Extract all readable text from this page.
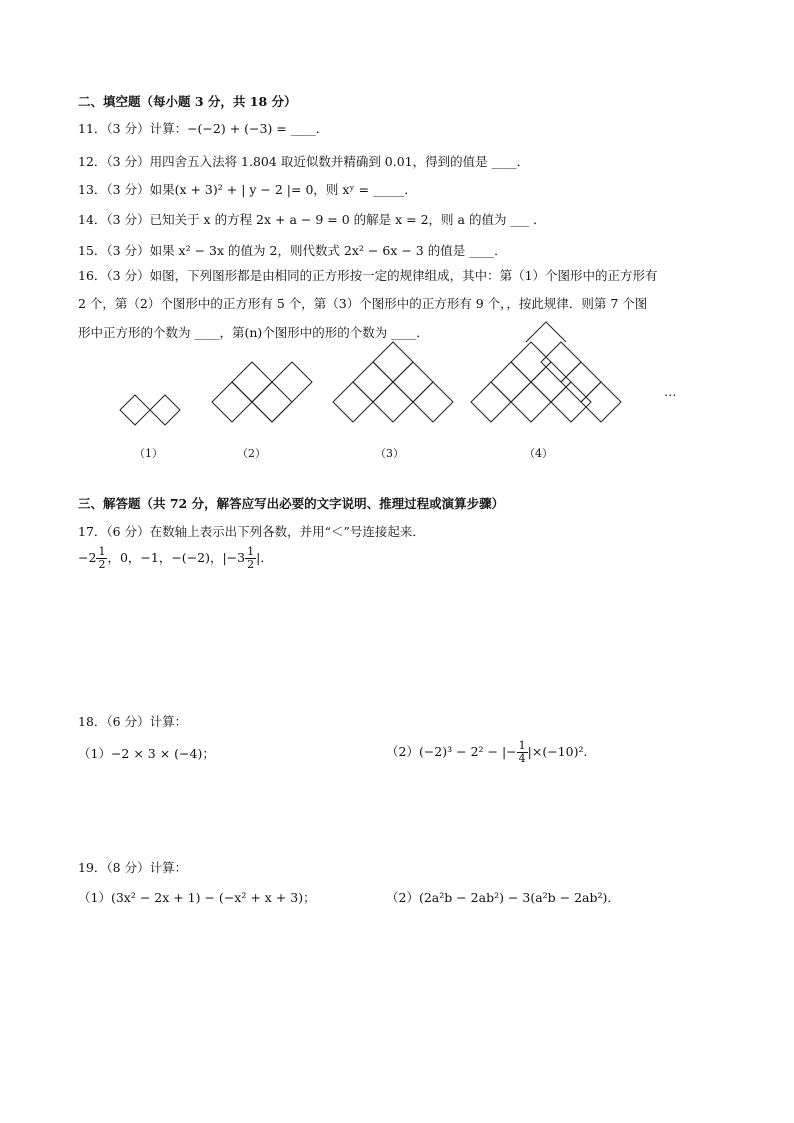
二、填空题（每小题 3 分，共 18 分）
11．（3 分）计算：−(−2) + (−3) = ____．
12．（3 分）用四舍五入法将 1.804 取近似数并精确到 0.01，得到的值是 ____．
13．（3 分）如果(x + 3)² + | y − 2 |= 0，则 xʸ = _____．
14．（3 分）已知关于 x 的方程 2x + a − 9 = 0 的解是 x = 2，则 a 的值为 ___ ．
15．（3 分）如果 x² − 3x 的值为 2，则代数式 2x² − 6x − 3 的值是 ____．
16．（3 分）如图，下列图形都是由相同的正方形按一定的规律组成，其中：第（1）个图形中的正方形有
2 个，第（2）个图形中的正方形有 5 个，第（3）个图形中的正方形有 9 个，，按此规律．则第 7 个图
形中正方形的个数为 ____，第(n)个图形中的形的个数为 ____．
（1）	（2）	（3）	（4）
…
三、解答题（共 72 分，解答应写出必要的文字说明、推理过程或演算步骤）
17．（6 分）在数轴上表示出下列各数，并用“＜”号连接起来．
$-2 \frac{1}{2}$ ，0，−1，−(−2)，$|-3 \frac{1}{2}$ |．
18．（6 分）计算：
（1）−2 × 3 × (−4)；	（2）(−2)³ − 2² − |− $\frac{1}{4} |\times(-10)^2$．
19．（8 分）计算：
（1）(3x² − 2x + 1) − (−x² + x + 3)；	（2）(2a²b − 2ab²) − 3(a²b − 2ab²)．
